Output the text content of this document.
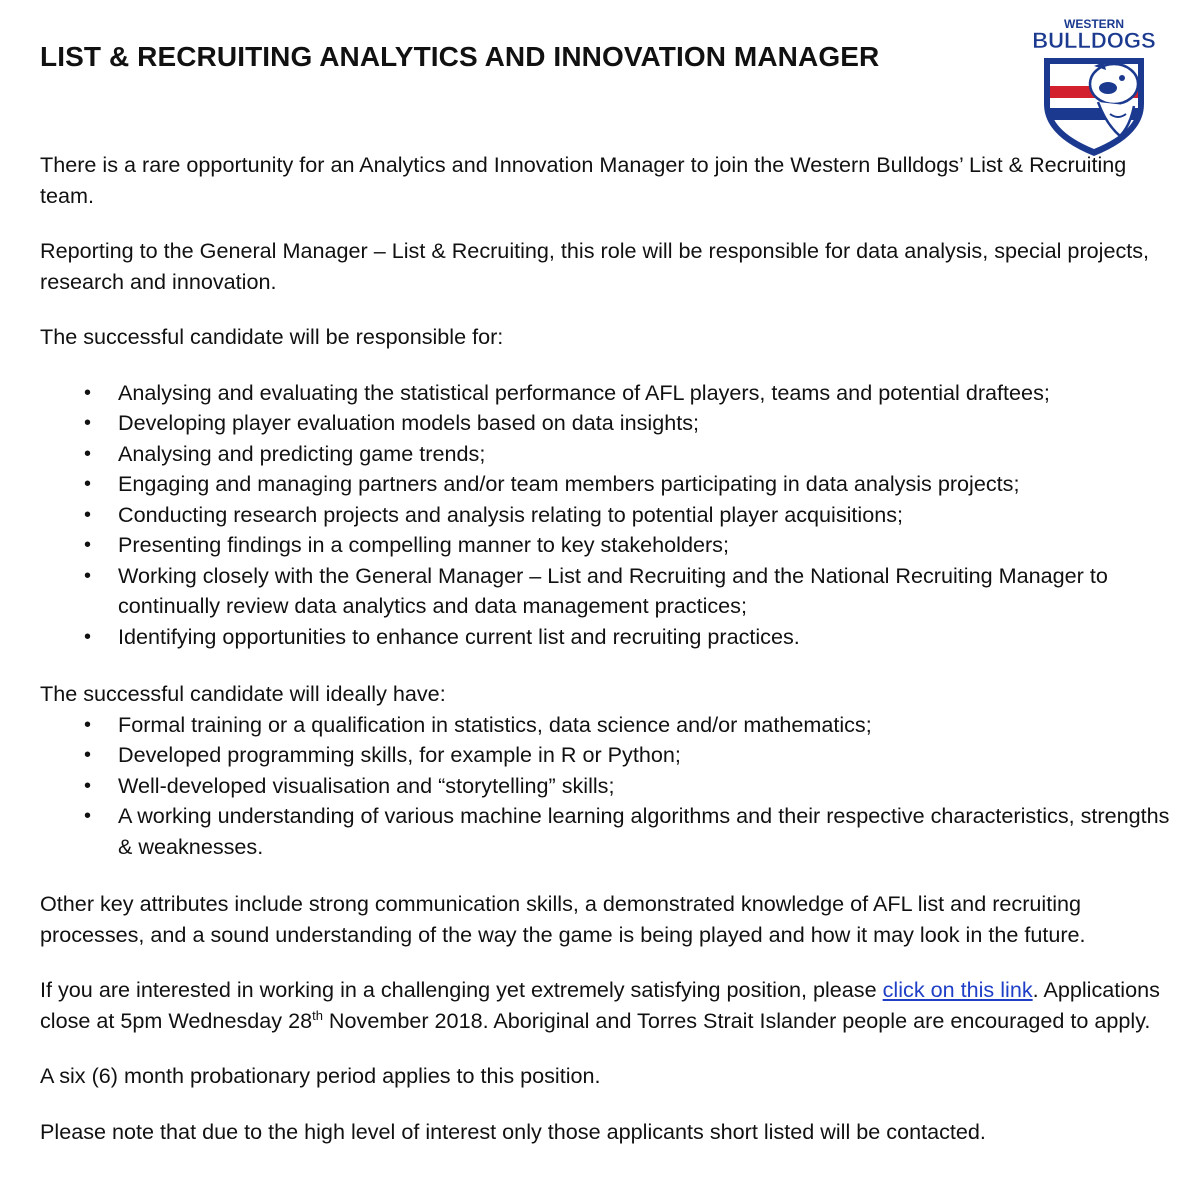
LIST & RECRUITING ANALYTICS AND INNOVATION MANAGER
WESTERN
BULLDOGS

There is a rare opportunity for an Analytics and Innovation Manager to join the Western Bulldogs’ List & Recruiting team.

Reporting to the General Manager – List & Recruiting, this role will be responsible for data analysis, special projects, research and innovation.

The successful candidate will be responsible for:

• Analysing and evaluating the statistical performance of AFL players, teams and potential draftees;
• Developing player evaluation models based on data insights;
• Analysing and predicting game trends;
• Engaging and managing partners and/or team members participating in data analysis projects;
• Conducting research projects and analysis relating to potential player acquisitions;
• Presenting findings in a compelling manner to key stakeholders;
• Working closely with the General Manager – List and Recruiting and the National Recruiting Manager to continually review data analytics and data management practices;
• Identifying opportunities to enhance current list and recruiting practices.

The successful candidate will ideally have:

• Formal training or a qualification in statistics, data science and/or mathematics;
• Developed programming skills, for example in R or Python;
• Well-developed visualisation and “storytelling” skills;
• A working understanding of various machine learning algorithms and their respective characteristics, strengths & weaknesses.

Other key attributes include strong communication skills, a demonstrated knowledge of AFL list and recruiting processes, and a sound understanding of the way the game is being played and how it may look in the future.

If you are interested in working in a challenging yet extremely satisfying position, please click on this link. Applications close at 5pm Wednesday 28th November 2018. Aboriginal and Torres Strait Islander people are encouraged to apply.

A six (6) month probationary period applies to this position.

Please note that due to the high level of interest only those applicants short listed will be contacted.
